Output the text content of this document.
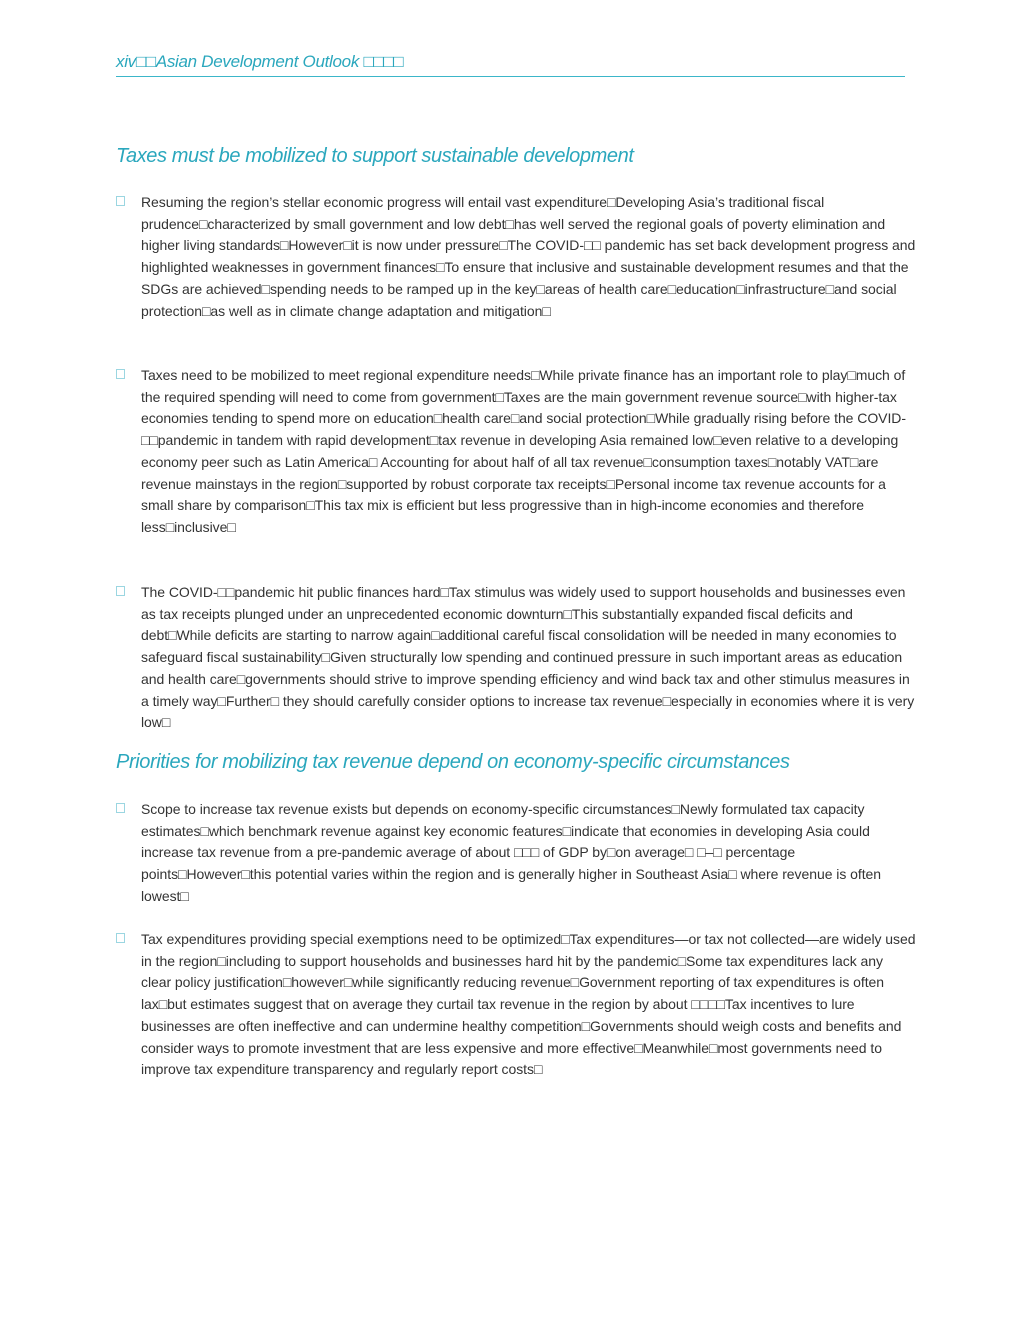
xiv□□Asian Development Outlook □□□□
Taxes must be mobilized to support sustainable development
Resuming the region’s stellar economic progress will entail vast expenditure□Developing Asia’s traditional fiscal prudence□characterized by small government and low debt□has well served the regional goals of poverty elimination and higher living standards□However□it is now under pressure□The COVID-□□ pandemic has set back development progress and highlighted weaknesses in government finances□To ensure that inclusive and sustainable development resumes and that the SDGs are achieved□spending needs to be ramped up in the key□areas of health care□education□infrastructure□and social protection□as well as in climate change adaptation and mitigation□
Taxes need to be mobilized to meet regional expenditure needs□While private finance has an important role to play□much of the required spending will need to come from government□Taxes are the main government revenue source□with higher-tax economies tending to spend more on education□health care□and social protection□While gradually rising before the COVID-□□pandemic in tandem with rapid development□tax revenue in developing Asia remained low□even relative to a developing economy peer such as Latin America□ Accounting for about half of all tax revenue□consumption taxes□notably VAT□are revenue mainstays in the region□supported by robust corporate tax receipts□Personal income tax revenue accounts for a small share by comparison□This tax mix is efficient but less progressive than in high-income economies and therefore less□inclusive□
The COVID-□□pandemic hit public finances hard□Tax stimulus was widely used to support households and businesses even as tax receipts plunged under an unprecedented economic downturn□This substantially expanded fiscal deficits and debt□While deficits are starting to narrow again□additional careful fiscal consolidation will be needed in many economies to safeguard fiscal sustainability□Given structurally low spending and continued pressure in such important areas as education and health care□governments should strive to improve spending efficiency and wind back tax and other stimulus measures in a timely way□Further□ they should carefully consider options to increase tax revenue□especially in economies where it is very low□
Priorities for mobilizing tax revenue depend on economy-specific circumstances
Scope to increase tax revenue exists but depends on economy-specific circumstances□Newly formulated tax capacity estimates□which benchmark revenue against key economic features□indicate that economies in developing Asia could increase tax revenue from a pre-pandemic average of about □□□ of GDP by□on average□ □–□ percentage points□However□this potential varies within the region and is generally higher in Southeast Asia□ where revenue is often lowest□
Tax expenditures providing special exemptions need to be optimized□Tax expenditures—or tax not collected—are widely used in the region□including to support households and businesses hard hit by the pandemic□Some tax expenditures lack any clear policy justification□however□while significantly reducing revenue□Government reporting of tax expenditures is often lax□but estimates suggest that on average they curtail tax revenue in the region by about □□□□Tax incentives to lure businesses are often ineffective and can undermine healthy competition□Governments should weigh costs and benefits and consider ways to promote investment that are less expensive and more effective□Meanwhile□most governments need to improve tax expenditure transparency and regularly report costs□
